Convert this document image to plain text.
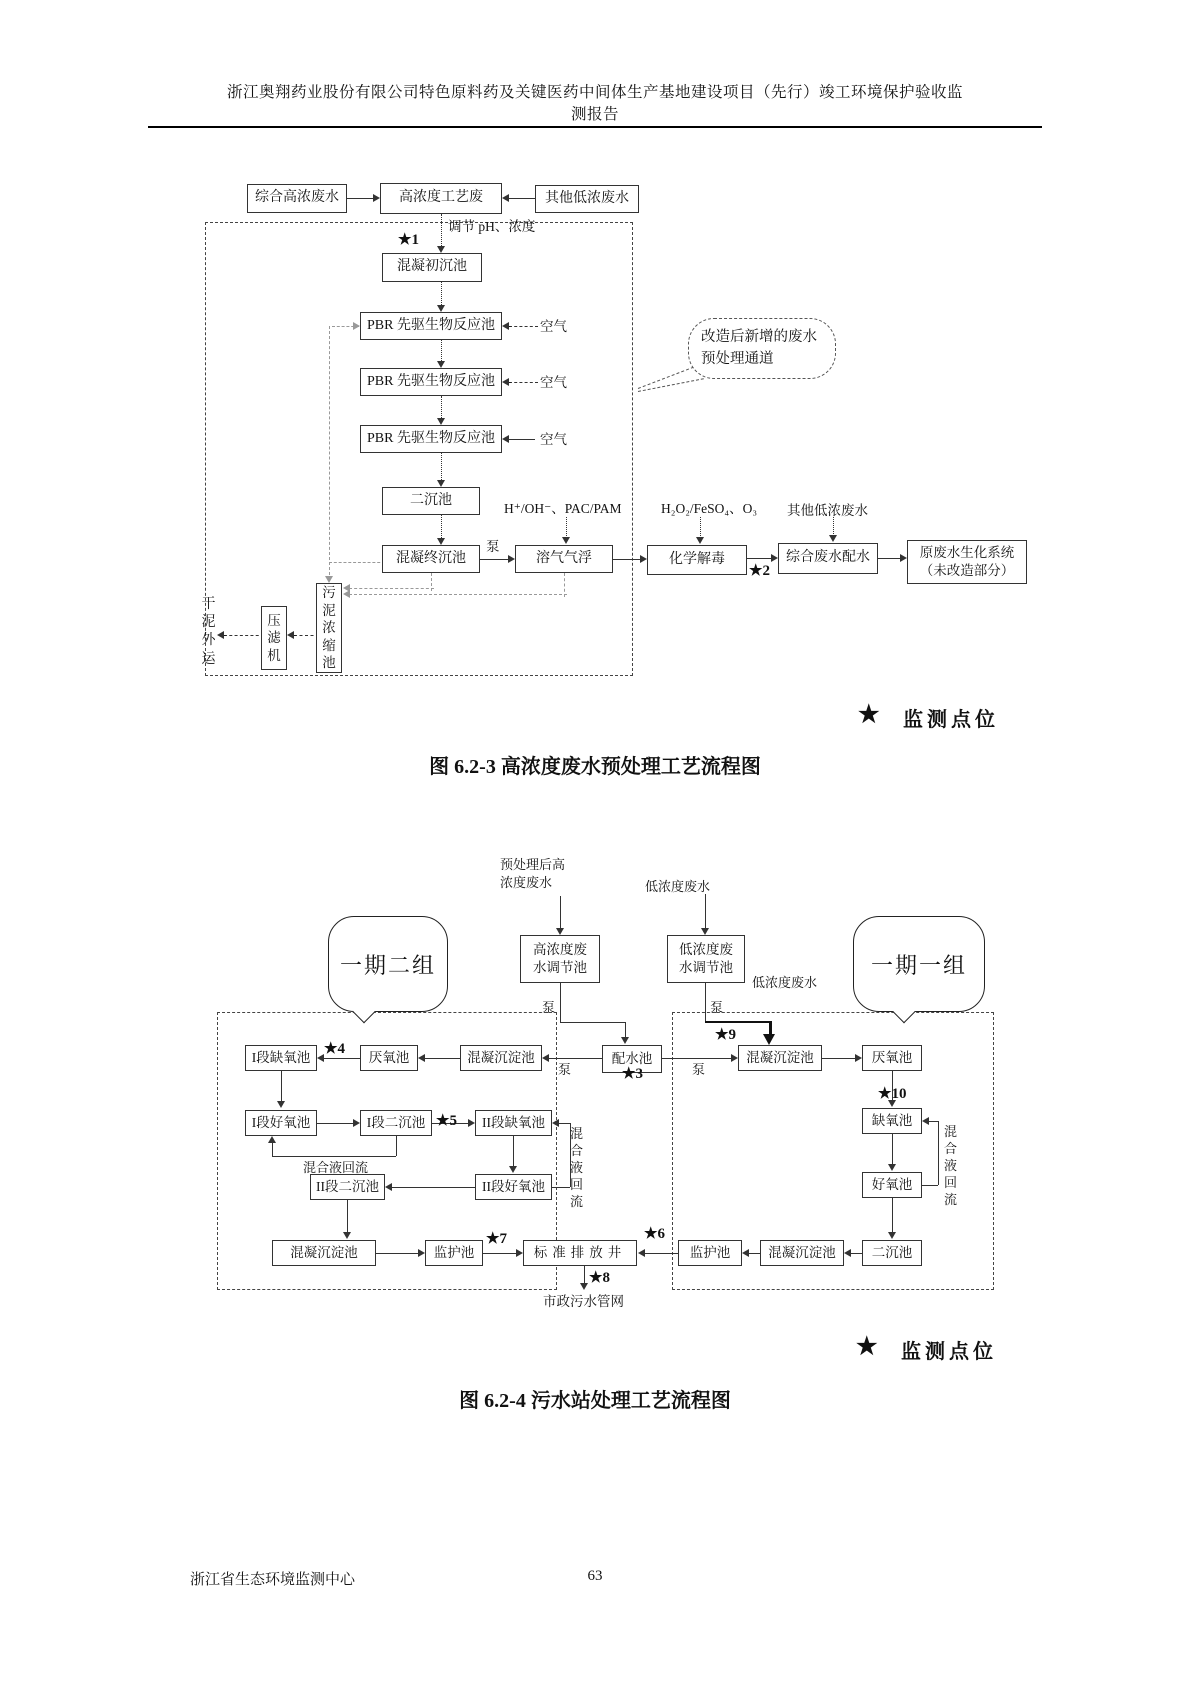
浙江奥翔药业股份有限公司特色原料药及关键医药中间体生产基地建设项目（先行）竣工环境保护验收监
测报告
综合高浓废水	高浓度工艺废	其他低浓废水
★1
调节 pH、浓度
混凝初沉池
PBR 先驱生物反应池	空气
PBR 先驱生物反应池	空气
PBR 先驱生物反应池	空气
二沉池
混凝终沉池
泵
溶气气浮
H⁺/OH⁻、PAC/PAM
化学解毒
H₂O₂/FeSO₄、O₃
★2
其他低浓废水
综合废水配水	原废水生化系统（未改造部分）
改造后新增的废水预处理通道
污泥浓缩池
压滤机
干泥外运
★ 监测点位
图 6.2-3 高浓度废水预处理工艺流程图
预处理后高浓度废水
高浓度废水调节池
低浓度废水
低浓度废水调节池
低浓度废水
一期二组	一期一组
泵	泵
★9
配水池
★3
泵	泵
I段缺氧池
★4
厌氧池	混凝沉淀池
I段好氧池	I段二沉池 ★5	II段缺氧池
混合液回流
II段好氧池
II段二沉池
混合液回流
混凝沉淀池	监护池
★7
标准排放井
★8
市政污水管网
★6
混凝沉淀池	厌氧池
★10
缺氧池
好氧池
混合液回流
二沉池
混凝沉淀池
监护池
★ 监测点位
图 6.2-4 污水站处理工艺流程图
浙江省生态环境监测中心	63
